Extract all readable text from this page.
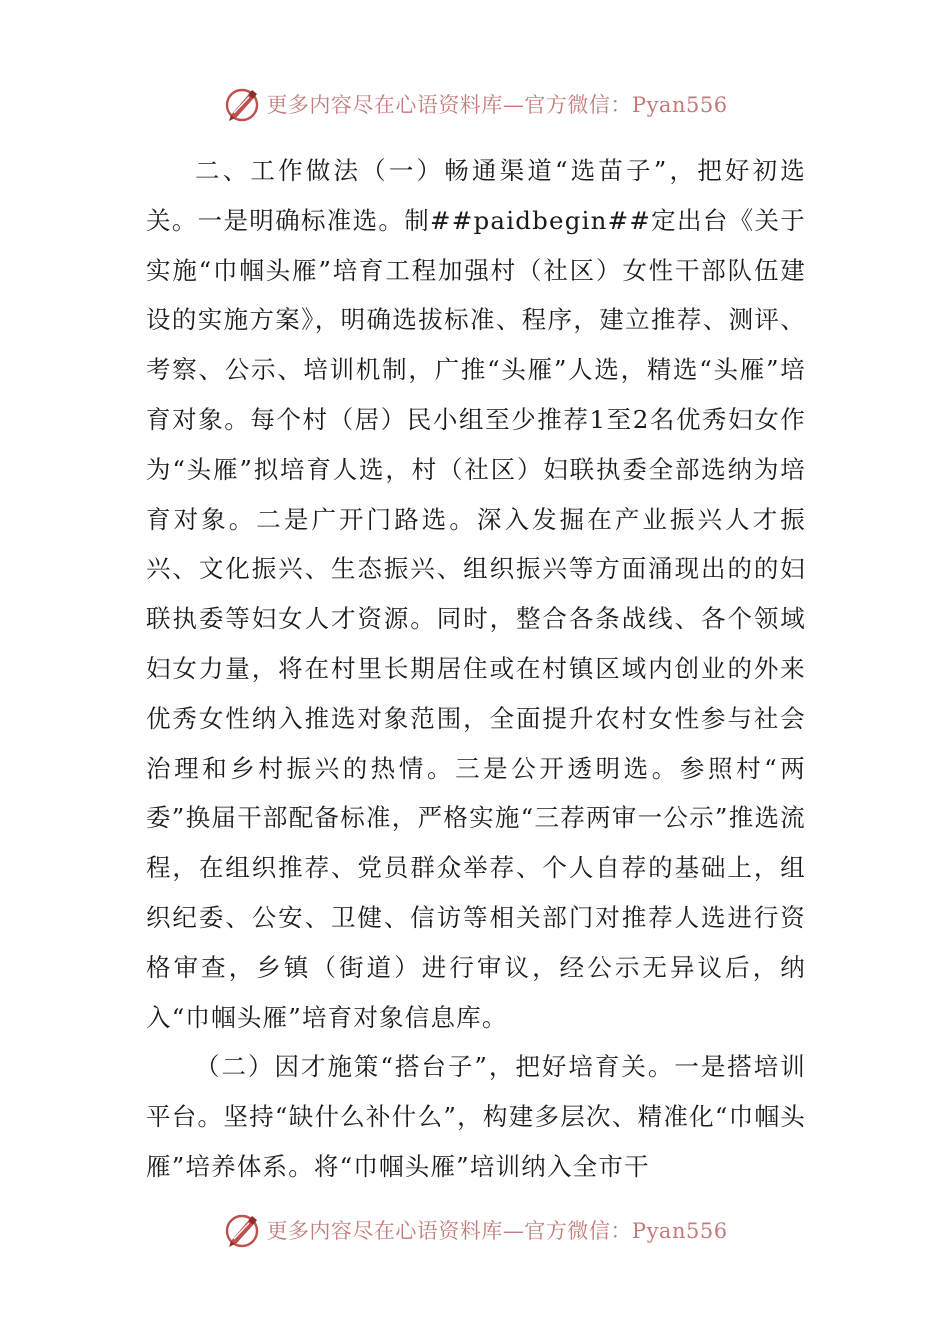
更多内容尽在心语资料库—官方微信：Pyan556

二、工作做法（一）畅通渠道“选苗子”，把好初选关。一是明确标准选。制##paidbegin##定出台《关于实施“巾帼头雁”培育工程加强村（社区）女性干部队伍建设的实施方案》，明确选拔标准、程序，建立推荐、测评、考察、公示、培训机制，广推“头雁”人选，精选“头雁”培育对象。每个村（居）民小组至少推荐1至2名优秀妇女作为“头雁”拟培育人选，村（社区）妇联执委全部选纳为培育对象。二是广开门路选。深入发掘在产业振兴人才振兴、文化振兴、生态振兴、组织振兴等方面涌现出的的妇联执委等妇女人才资源。同时，整合各条战线、各个领域妇女力量，将在村里长期居住或在村镇区域内创业的外来优秀女性纳入推选对象范围，全面提升农村女性参与社会治理和乡村振兴的热情。三是公开透明选。参照村“两委”换届干部配备标准，严格实施“三荐两审一公示”推选流程，在组织推荐、党员群众举荐、个人自荐的基础上，组织纪委、公安、卫健、信访等相关部门对推荐人选进行资格审查，乡镇（街道）进行审议，经公示无异议后，纳入“巾帼头雁”培育对象信息库。

（二）因才施策“搭台子”，把好培育关。一是搭培训平台。坚持“缺什么补什么”，构建多层次、精准化“巾帼头雁”培养体系。将“巾帼头雁”培训纳入全市干

更多内容尽在心语资料库—官方微信：Pyan556
